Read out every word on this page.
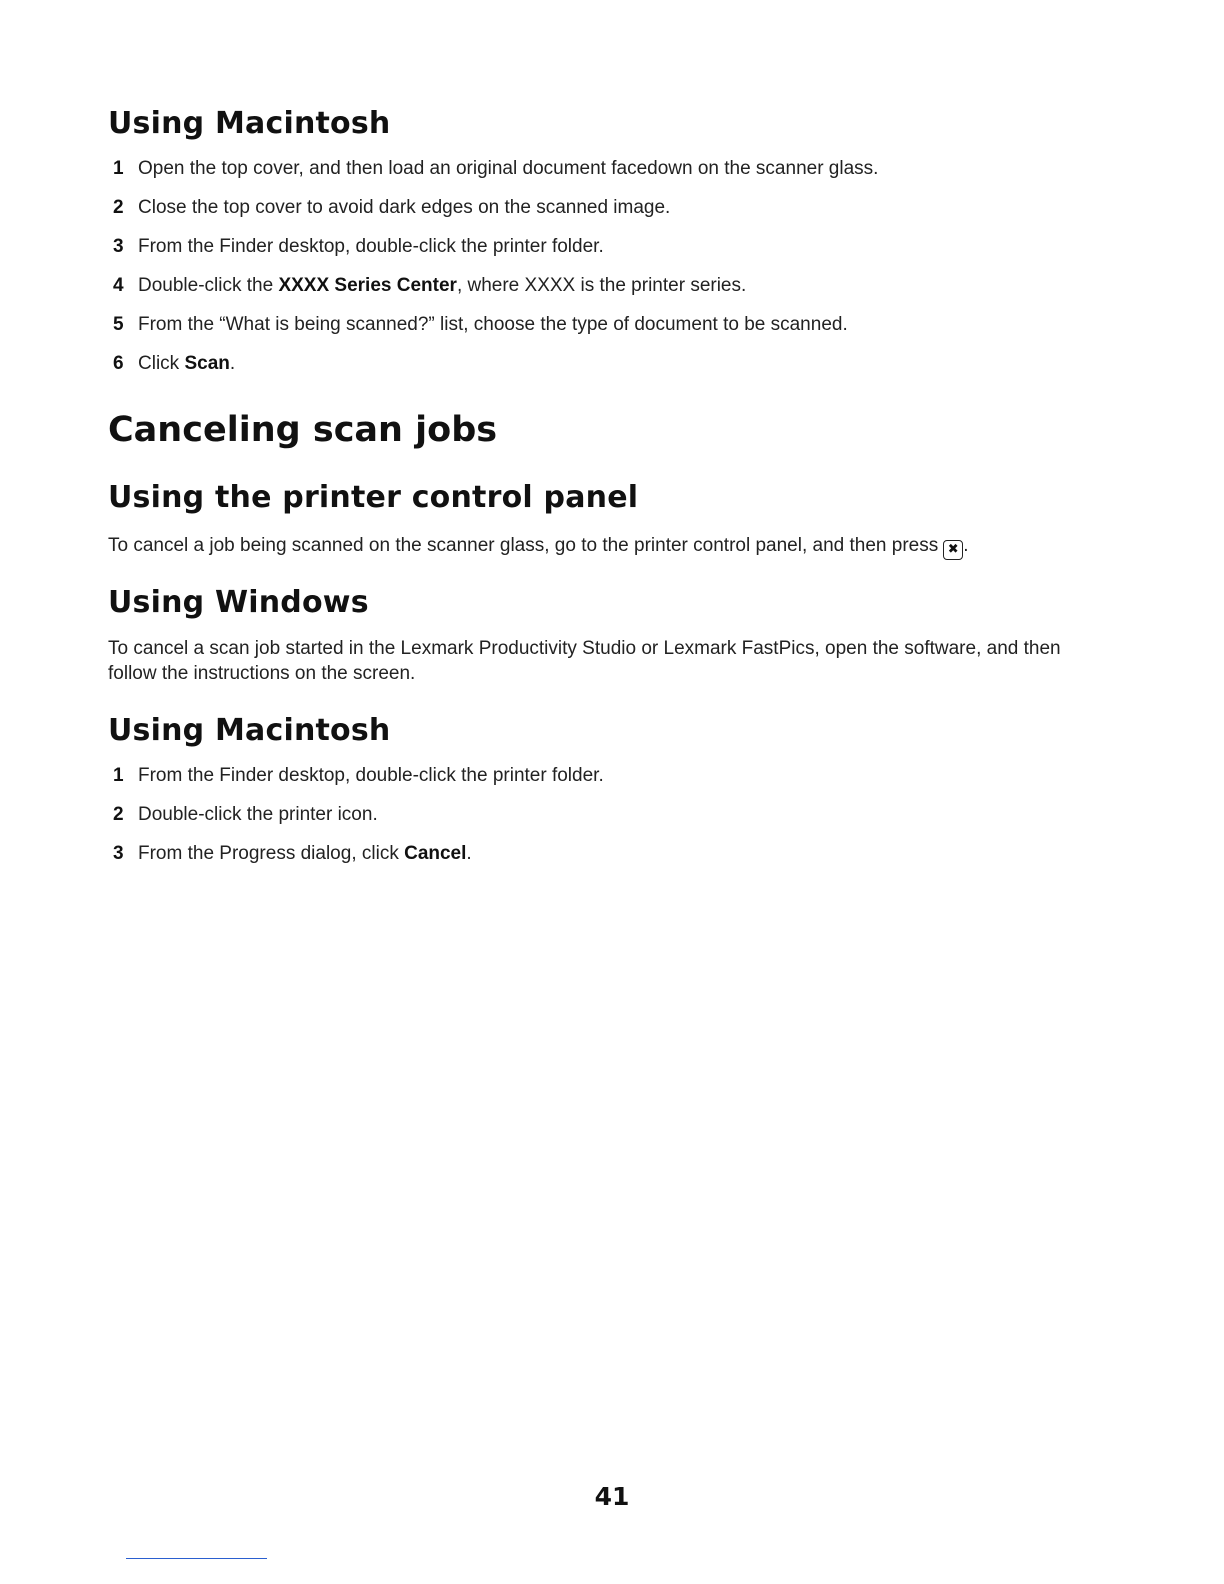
Using Macintosh
1 Open the top cover, and then load an original document facedown on the scanner glass.
2 Close the top cover to avoid dark edges on the scanned image.
3 From the Finder desktop, double-click the printer folder.
4 Double-click the XXXX Series Center, where XXXX is the printer series.
5 From the “What is being scanned?” list, choose the type of document to be scanned.
6 Click Scan.
Canceling scan jobs
Using the printer control panel

To cancel a job being scanned on the scanner glass, go to the printer control panel, and then press ✖ .

Using Windows

To cancel a scan job started in the Lexmark Productivity Studio or Lexmark FastPics, open the software, and then follow the instructions on the screen.

Using Macintosh
1 From the Finder desktop, double-click the printer folder.
2 Double-click the printer icon.
3 From the Progress dialog, click Cancel.
41
